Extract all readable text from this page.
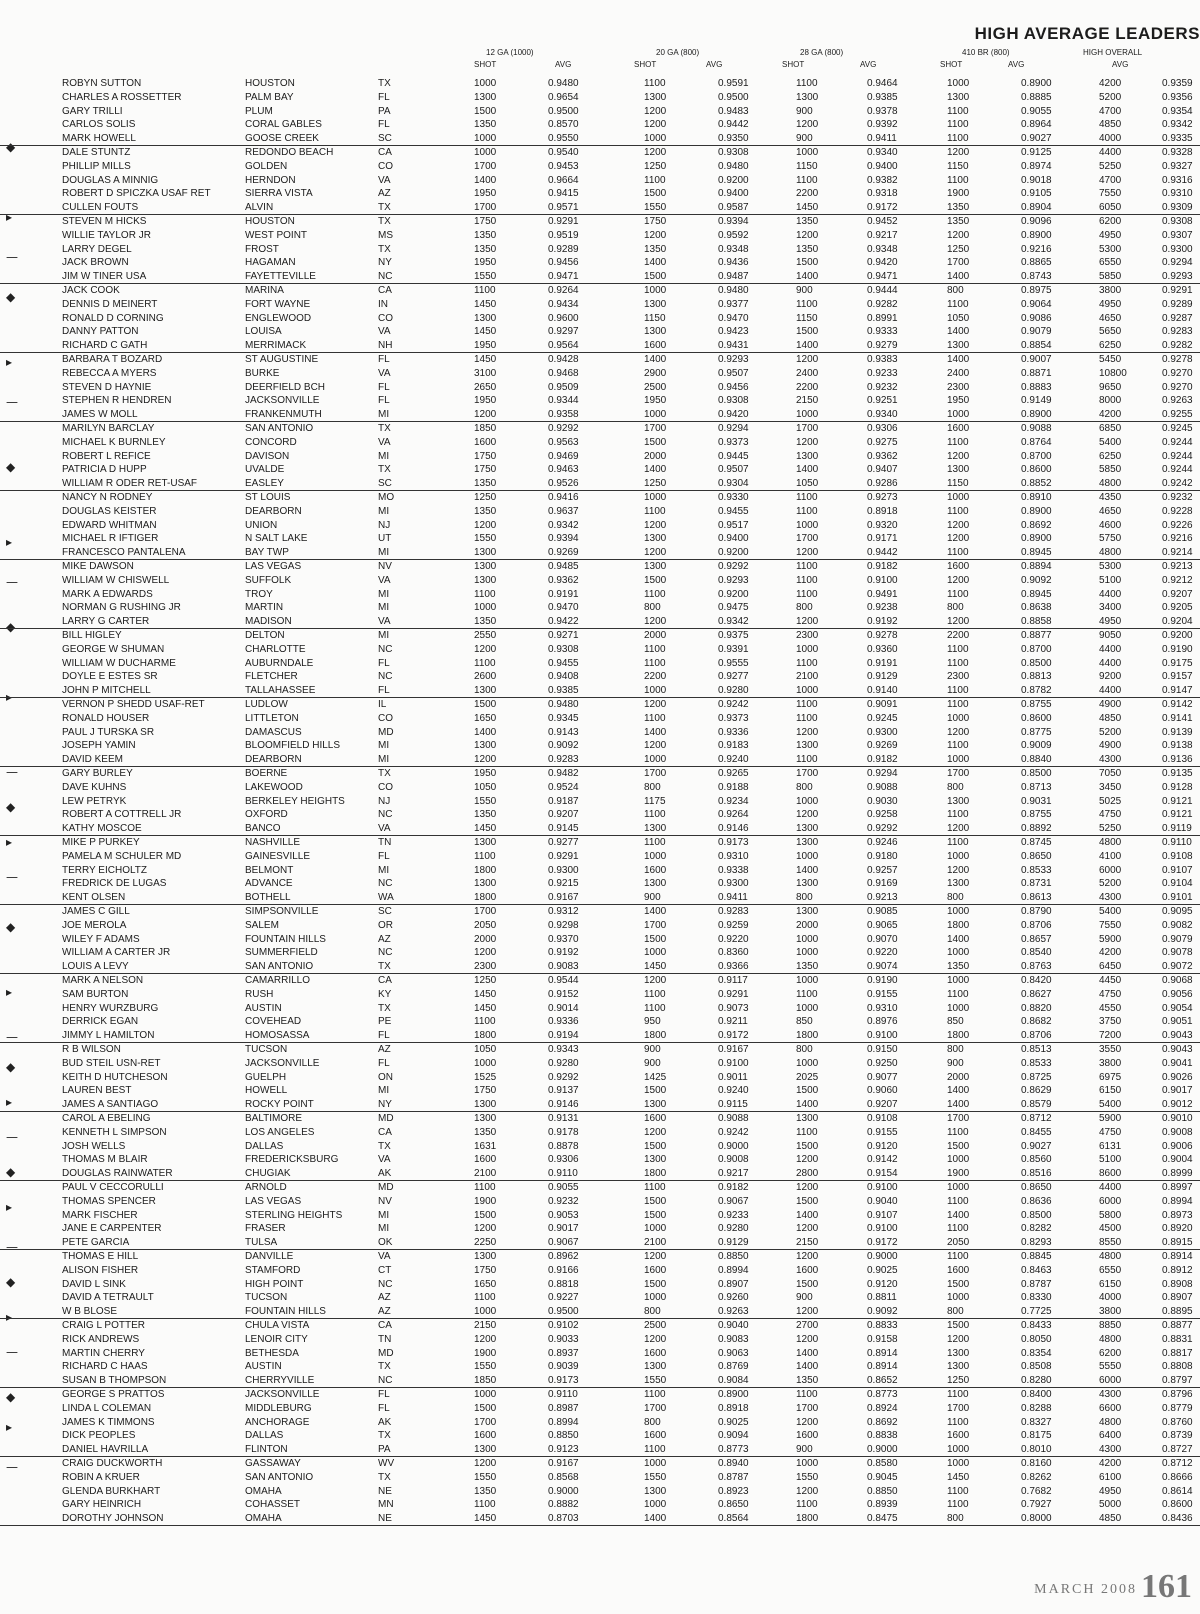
◆
▸
—
◆
▸
—
◆
▸
—
◆
▸
—
◆
▸
—
◆
▸
—
◆
▸
—
◆
▸
—
◆
▸
—
◆
▸
—
HIGH AVERAGE LEADERS
12 GA (1000)	20 GA (800)	28 GA (800)	410 BR (800)	HIGH OVERALL
SHOT	AVG	SHOT	AVG	SHOT	AVG	SHOT	AVG	AVG
ROBYN SUTTON	HOUSTON	TX	1000	0.9480	1100	0.9591	1100	0.9464	1000	0.8900	4200	0.9359
CHARLES A ROSSETTER	PALM BAY	FL	1300	0.9654	1300	0.9500	1300	0.9385	1300	0.8885	5200	0.9356
GARY TRILLI	PLUM	PA	1500	0.9500	1200	0.9483	900	0.9378	1100	0.9055	4700	0.9354
CARLOS SOLIS	CORAL GABLES	FL	1350	0.8570	1200	0.9442	1200	0.9392	1100	0.8964	4850	0.9342
MARK HOWELL	GOOSE CREEK	SC	1000	0.9550	1000	0.9350	900	0.9411	1100	0.9027	4000	0.9335
DALE STUNTZ	REDONDO BEACH	CA	1000	0.9540	1200	0.9308	1000	0.9340	1200	0.9125	4400	0.9328
PHILLIP MILLS	GOLDEN	CO	1700	0.9453	1250	0.9480	1150	0.9400	1150	0.8974	5250	0.9327
DOUGLAS A MINNIG	HERNDON	VA	1400	0.9664	1100	0.9200	1100	0.9382	1100	0.9018	4700	0.9316
ROBERT D SPICZKA USAF RET	SIERRA VISTA	AZ	1950	0.9415	1500	0.9400	2200	0.9318	1900	0.9105	7550	0.9310
CULLEN FOUTS	ALVIN	TX	1700	0.9571	1550	0.9587	1450	0.9172	1350	0.8904	6050	0.9309
STEVEN M HICKS	HOUSTON	TX	1750	0.9291	1750	0.9394	1350	0.9452	1350	0.9096	6200	0.9308
WILLIE TAYLOR JR	WEST POINT	MS	1350	0.9519	1200	0.9592	1200	0.9217	1200	0.8900	4950	0.9307
LARRY DEGEL	FROST	TX	1350	0.9289	1350	0.9348	1350	0.9348	1250	0.9216	5300	0.9300
JACK BROWN	HAGAMAN	NY	1950	0.9456	1400	0.9436	1500	0.9420	1700	0.8865	6550	0.9294
JIM W TINER USA	FAYETTEVILLE	NC	1550	0.9471	1500	0.9487	1400	0.9471	1400	0.8743	5850	0.9293
JACK COOK	MARINA	CA	1100	0.9264	1000	0.9480	900	0.9444	800	0.8975	3800	0.9291
DENNIS D MEINERT	FORT WAYNE	IN	1450	0.9434	1300	0.9377	1100	0.9282	1100	0.9064	4950	0.9289
RONALD D CORNING	ENGLEWOOD	CO	1300	0.9600	1150	0.9470	1150	0.8991	1050	0.9086	4650	0.9287
DANNY PATTON	LOUISA	VA	1450	0.9297	1300	0.9423	1500	0.9333	1400	0.9079	5650	0.9283
RICHARD C GATH	MERRIMACK	NH	1950	0.9564	1600	0.9431	1400	0.9279	1300	0.8854	6250	0.9282
BARBARA T BOZARD	ST AUGUSTINE	FL	1450	0.9428	1400	0.9293	1200	0.9383	1400	0.9007	5450	0.9278
REBECCA A MYERS	BURKE	VA	3100	0.9468	2900	0.9507	2400	0.9233	2400	0.8871	10800	0.9270
STEVEN D HAYNIE	DEERFIELD BCH	FL	2650	0.9509	2500	0.9456	2200	0.9232	2300	0.8883	9650	0.9270
STEPHEN R HENDREN	JACKSONVILLE	FL	1950	0.9344	1950	0.9308	2150	0.9251	1950	0.9149	8000	0.9263
JAMES W MOLL	FRANKENMUTH	MI	1200	0.9358	1000	0.9420	1000	0.9340	1000	0.8900	4200	0.9255
MARILYN BARCLAY	SAN ANTONIO	TX	1850	0.9292	1700	0.9294	1700	0.9306	1600	0.9088	6850	0.9245
MICHAEL K BURNLEY	CONCORD	VA	1600	0.9563	1500	0.9373	1200	0.9275	1100	0.8764	5400	0.9244
ROBERT L REFICE	DAVISON	MI	1750	0.9469	2000	0.9445	1300	0.9362	1200	0.8700	6250	0.9244
PATRICIA D HUPP	UVALDE	TX	1750	0.9463	1400	0.9507	1400	0.9407	1300	0.8600	5850	0.9244
WILLIAM R ODER RET-USAF	EASLEY	SC	1350	0.9526	1250	0.9304	1050	0.9286	1150	0.8852	4800	0.9242
NANCY N RODNEY	ST LOUIS	MO	1250	0.9416	1000	0.9330	1100	0.9273	1000	0.8910	4350	0.9232
DOUGLAS KEISTER	DEARBORN	MI	1350	0.9637	1100	0.9455	1100	0.8918	1100	0.8900	4650	0.9228
EDWARD WHITMAN	UNION	NJ	1200	0.9342	1200	0.9517	1000	0.9320	1200	0.8692	4600	0.9226
MICHAEL R IFTIGER	N SALT LAKE	UT	1550	0.9394	1300	0.9400	1700	0.9171	1200	0.8900	5750	0.9216
FRANCESCO PANTALENA	BAY TWP	MI	1300	0.9269	1200	0.9200	1200	0.9442	1100	0.8945	4800	0.9214
MIKE DAWSON	LAS VEGAS	NV	1300	0.9485	1300	0.9292	1100	0.9182	1600	0.8894	5300	0.9213
WILLIAM W CHISWELL	SUFFOLK	VA	1300	0.9362	1500	0.9293	1100	0.9100	1200	0.9092	5100	0.9212
MARK A EDWARDS	TROY	MI	1100	0.9191	1100	0.9200	1100	0.9491	1100	0.8945	4400	0.9207
NORMAN G RUSHING JR	MARTIN	MI	1000	0.9470	800	0.9475	800	0.9238	800	0.8638	3400	0.9205
LARRY G CARTER	MADISON	VA	1350	0.9422	1200	0.9342	1200	0.9192	1200	0.8858	4950	0.9204
BILL HIGLEY	DELTON	MI	2550	0.9271	2000	0.9375	2300	0.9278	2200	0.8877	9050	0.9200
GEORGE W SHUMAN	CHARLOTTE	NC	1200	0.9308	1100	0.9391	1000	0.9360	1100	0.8700	4400	0.9190
WILLIAM W DUCHARME	AUBURNDALE	FL	1100	0.9455	1100	0.9555	1100	0.9191	1100	0.8500	4400	0.9175
DOYLE E ESTES SR	FLETCHER	NC	2600	0.9408	2200	0.9277	2100	0.9129	2300	0.8813	9200	0.9157
JOHN P MITCHELL	TALLAHASSEE	FL	1300	0.9385	1000	0.9280	1000	0.9140	1100	0.8782	4400	0.9147
VERNON P SHEDD USAF-RET	LUDLOW	IL	1500	0.9480	1200	0.9242	1100	0.9091	1100	0.8755	4900	0.9142
RONALD HOUSER	LITTLETON	CO	1650	0.9345	1100	0.9373	1100	0.9245	1000	0.8600	4850	0.9141
PAUL J TURSKA SR	DAMASCUS	MD	1400	0.9143	1400	0.9336	1200	0.9300	1200	0.8775	5200	0.9139
JOSEPH YAMIN	BLOOMFIELD HILLS	MI	1300	0.9092	1200	0.9183	1300	0.9269	1100	0.9009	4900	0.9138
DAVID KEEM	DEARBORN	MI	1200	0.9283	1000	0.9240	1100	0.9182	1000	0.8840	4300	0.9136
GARY BURLEY	BOERNE	TX	1950	0.9482	1700	0.9265	1700	0.9294	1700	0.8500	7050	0.9135
DAVE KUHNS	LAKEWOOD	CO	1050	0.9524	800	0.9188	800	0.9088	800	0.8713	3450	0.9128
LEW PETRYK	BERKELEY HEIGHTS	NJ	1550	0.9187	1175	0.9234	1000	0.9030	1300	0.9031	5025	0.9121
ROBERT A COTTRELL JR	OXFORD	NC	1350	0.9207	1100	0.9264	1200	0.9258	1100	0.8755	4750	0.9121
KATHY MOSCOE	BANCO	VA	1450	0.9145	1300	0.9146	1300	0.9292	1200	0.8892	5250	0.9119
MIKE P PURKEY	NASHVILLE	TN	1300	0.9277	1100	0.9173	1300	0.9246	1100	0.8745	4800	0.9110
PAMELA M SCHULER MD	GAINESVILLE	FL	1100	0.9291	1000	0.9310	1000	0.9180	1000	0.8650	4100	0.9108
TERRY EICHOLTZ	BELMONT	MI	1800	0.9300	1600	0.9338	1400	0.9257	1200	0.8533	6000	0.9107
FREDRICK DE LUGAS	ADVANCE	NC	1300	0.9215	1300	0.9300	1300	0.9169	1300	0.8731	5200	0.9104
KENT OLSEN	BOTHELL	WA	1800	0.9167	900	0.9411	800	0.9213	800	0.8613	4300	0.9101
JAMES C GILL	SIMPSONVILLE	SC	1700	0.9312	1400	0.9283	1300	0.9085	1000	0.8790	5400	0.9095
JOE MEROLA	SALEM	OR	2050	0.9298	1700	0.9259	2000	0.9065	1800	0.8706	7550	0.9082
WILEY F ADAMS	FOUNTAIN HILLS	AZ	2000	0.9370	1500	0.9220	1000	0.9070	1400	0.8657	5900	0.9079
WILLIAM A CARTER JR	SUMMERFIELD	NC	1200	0.9192	1000	0.8360	1000	0.9220	1000	0.8540	4200	0.9078
LOUIS A LEVY	SAN ANTONIO	TX	2300	0.9083	1450	0.9366	1350	0.9074	1350	0.8763	6450	0.9072
MARK A NELSON	CAMARRILLO	CA	1250	0.9544	1200	0.9117	1000	0.9190	1000	0.8420	4450	0.9068
SAM BURTON	RUSH	KY	1450	0.9152	1100	0.9291	1100	0.9155	1100	0.8627	4750	0.9056
HENRY WURZBURG	AUSTIN	TX	1450	0.9014	1100	0.9073	1000	0.9310	1000	0.8820	4550	0.9054
DERRICK EGAN	COVEHEAD	PE	1100	0.9336	950	0.9211	850	0.8976	850	0.8682	3750	0.9051
JIMMY L HAMILTON	HOMOSASSA	FL	1800	0.9194	1800	0.9172	1800	0.9100	1800	0.8706	7200	0.9043
R B WILSON	TUCSON	AZ	1050	0.9343	900	0.9167	800	0.9150	800	0.8513	3550	0.9043
BUD STEIL USN-RET	JACKSONVILLE	FL	1000	0.9280	900	0.9100	1000	0.9250	900	0.8533	3800	0.9041
KEITH D HUTCHESON	GUELPH	ON	1525	0.9292	1425	0.9011	2025	0.9077	2000	0.8725	6975	0.9026
LAUREN BEST	HOWELL	MI	1750	0.9137	1500	0.9240	1500	0.9060	1400	0.8629	6150	0.9017
JAMES A SANTIAGO	ROCKY POINT	NY	1300	0.9146	1300	0.9115	1400	0.9207	1400	0.8579	5400	0.9012
CAROL A EBELING	BALTIMORE	MD	1300	0.9131	1600	0.9088	1300	0.9108	1700	0.8712	5900	0.9010
KENNETH L SIMPSON	LOS ANGELES	CA	1350	0.9178	1200	0.9242	1100	0.9155	1100	0.8455	4750	0.9008
JOSH WELLS	DALLAS	TX	1631	0.8878	1500	0.9000	1500	0.9120	1500	0.9027	6131	0.9006
THOMAS M BLAIR	FREDERICKSBURG	VA	1600	0.9306	1300	0.9008	1200	0.9142	1000	0.8560	5100	0.9004
DOUGLAS RAINWATER	CHUGIAK	AK	2100	0.9110	1800	0.9217	2800	0.9154	1900	0.8516	8600	0.8999
PAUL V CECCORULLI	ARNOLD	MD	1100	0.9055	1100	0.9182	1200	0.9100	1000	0.8650	4400	0.8997
THOMAS SPENCER	LAS VEGAS	NV	1900	0.9232	1500	0.9067	1500	0.9040	1100	0.8636	6000	0.8994
MARK FISCHER	STERLING HEIGHTS	MI	1500	0.9053	1500	0.9233	1400	0.9107	1400	0.8500	5800	0.8973
JANE E CARPENTER	FRASER	MI	1200	0.9017	1000	0.9280	1200	0.9100	1100	0.8282	4500	0.8920
PETE GARCIA	TULSA	OK	2250	0.9067	2100	0.9129	2150	0.9172	2050	0.8293	8550	0.8915
THOMAS E HILL	DANVILLE	VA	1300	0.8962	1200	0.8850	1200	0.9000	1100	0.8845	4800	0.8914
ALISON FISHER	STAMFORD	CT	1750	0.9166	1600	0.8994	1600	0.9025	1600	0.8463	6550	0.8912
DAVID L SINK	HIGH POINT	NC	1650	0.8818	1500	0.8907	1500	0.9120	1500	0.8787	6150	0.8908
DAVID A TETRAULT	TUCSON	AZ	1100	0.9227	1000	0.9260	900	0.8811	1000	0.8330	4000	0.8907
W B BLOSE	FOUNTAIN HILLS	AZ	1000	0.9500	800	0.9263	1200	0.9092	800	0.7725	3800	0.8895
CRAIG L POTTER	CHULA VISTA	CA	2150	0.9102	2500	0.9040	2700	0.8833	1500	0.8433	8850	0.8877
RICK ANDREWS	LENOIR CITY	TN	1200	0.9033	1200	0.9083	1200	0.9158	1200	0.8050	4800	0.8831
MARTIN CHERRY	BETHESDA	MD	1900	0.8937	1600	0.9063	1400	0.8914	1300	0.8354	6200	0.8817
RICHARD C HAAS	AUSTIN	TX	1550	0.9039	1300	0.8769	1400	0.8914	1300	0.8508	5550	0.8808
SUSAN B THOMPSON	CHERRYVILLE	NC	1850	0.9173	1550	0.9084	1350	0.8652	1250	0.8280	6000	0.8797
GEORGE S PRATTOS	JACKSONVILLE	FL	1000	0.9110	1100	0.8900	1100	0.8773	1100	0.8400	4300	0.8796
LINDA L COLEMAN	MIDDLEBURG	FL	1500	0.8987	1700	0.8918	1700	0.8924	1700	0.8288	6600	0.8779
JAMES K TIMMONS	ANCHORAGE	AK	1700	0.8994	800	0.9025	1200	0.8692	1100	0.8327	4800	0.8760
DICK PEOPLES	DALLAS	TX	1600	0.8850	1600	0.9094	1600	0.8838	1600	0.8175	6400	0.8739
DANIEL HAVRILLA	FLINTON	PA	1300	0.9123	1100	0.8773	900	0.9000	1000	0.8010	4300	0.8727
CRAIG DUCKWORTH	GASSAWAY	WV	1200	0.9167	1000	0.8940	1000	0.8580	1000	0.8160	4200	0.8712
ROBIN A KRUER	SAN ANTONIO	TX	1550	0.8568	1550	0.8787	1550	0.9045	1450	0.8262	6100	0.8666
GLENDA BURKHART	OMAHA	NE	1350	0.9000	1300	0.8923	1200	0.8850	1100	0.7682	4950	0.8614
GARY HEINRICH	COHASSET	MN	1100	0.8882	1000	0.8650	1100	0.8939	1100	0.7927	5000	0.8600
DOROTHY JOHNSON	OMAHA	NE	1450	0.8703	1400	0.8564	1800	0.8475	800	0.8000	4850	0.8436
MARCH 2008 161
